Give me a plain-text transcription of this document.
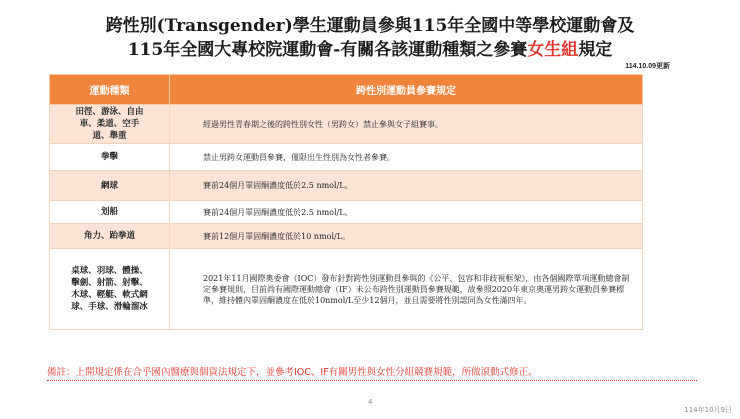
跨性別(Transgender)學生運動員參與115年全國中等學校運動會及
115年全國大專校院運動會-有關各該運動種類之參賽女生組規定
114.10.09更新
運動種類	跨性別運動員參賽規定
田徑、游泳、自由車、柔道、空手道、舉重	經過男性青春期之後的跨性別女性（男跨女）禁止參與女子組賽事。
拳擊	禁止男跨女運動員參賽，僅限出生性別為女性者參賽。
網球	賽前24個月睪固酮濃度低於2.5 nmol/L。
划船	賽前24個月睪固酮濃度低於2.5 nmol/L。
角力、跆拳道	賽前12個月睪固酮濃度低於10 nmol/L。
桌球、羽球、體操、擊劍、射箭、射擊、木球、輕艇、軟式網球、手球、滑輪溜冰	2021年11月國際奧委會（IOC）發布針對跨性別運動員參與的《公平、包容和非歧視框架》，由各個國際單項運動總會制定參賽規則，目前尚有國際運動總會（IF）未公布跨性別運動員參賽規範，故參照2020年東京奧運男跨女運動員參賽標準，維持體內睪固酮濃度在低於10nmol/L至少12個月，並且需要將性別認同為女性滿四年。
備註：上開規定係在合乎國內醫療與個資法規定下，並參考IOC、IF有關男性與女性分組競賽規範，所做滾動式修正。
4
114年10月9日
